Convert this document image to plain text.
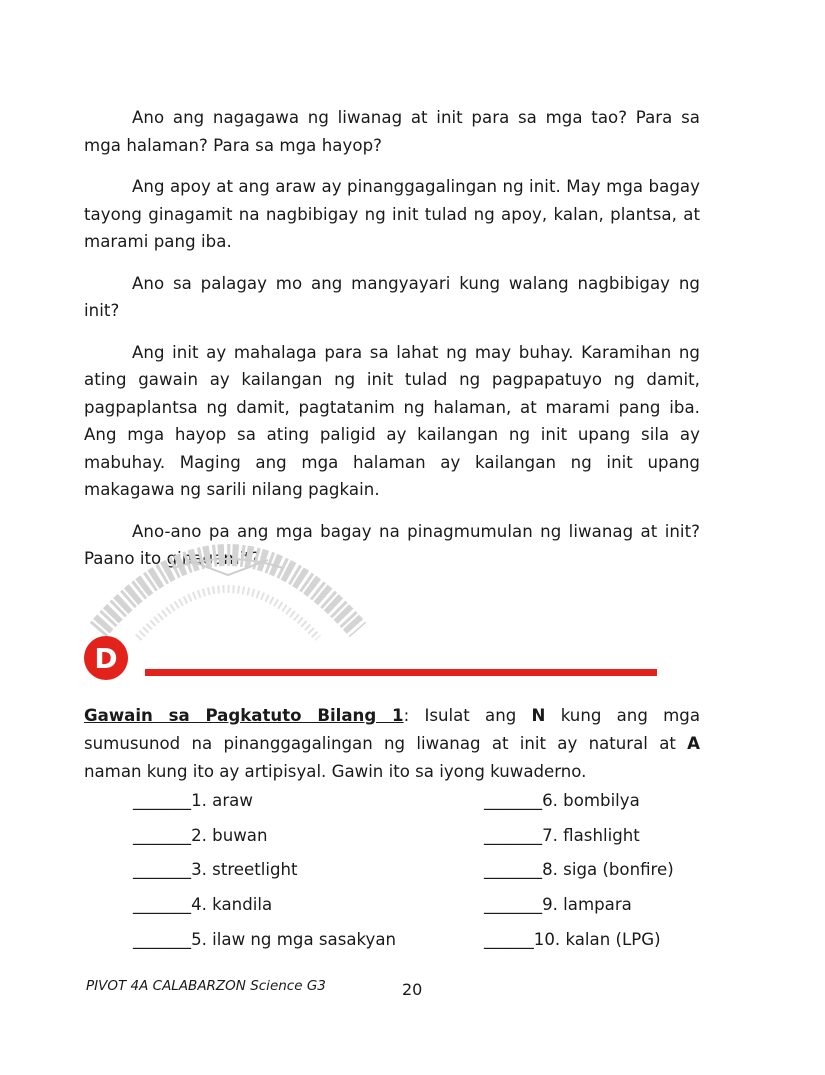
Ano ang nagagawa ng liwanag at init para sa mga tao? Para sa mga halaman? Para sa mga hayop?

Ang apoy at ang araw ay pinanggagalingan ng init. May mga bagay tayong ginagamit na nagbibigay ng init tulad ng apoy, kalan, plantsa, at marami pang iba.

Ano sa palagay mo ang mangyayari kung walang nagbibigay ng init?

Ang init ay mahalaga para sa lahat ng may buhay. Karamihan ng ating gawain ay kailangan ng init tulad ng pagpapatuyo ng damit, pagpaplantsa ng damit, pagtatanim ng halaman, at marami pang iba. Ang mga hayop sa ating paligid ay kailangan ng init upang sila ay mabuhay. Maging ang mga halaman ay kailangan ng init upang makagawa ng sarili nilang pagkain.

Ano-ano pa ang mga bagay na pinagmumulan ng liwanag at init? Paano ito ginagamit?

D

Gawain sa Pagkatuto Bilang 1: Isulat ang N kung ang mga sumusunod na pinanggagalingan ng liwanag at init ay natural at A naman kung ito ay artipisyal. Gawin ito sa iyong kuwaderno.

_______1. araw
_______2. buwan
_______3. streetlight
_______4. kandila
_______5. ilaw ng mga sasakyan
_______6. bombilya
_______7. flashlight
_______8. siga (bonfire)
_______9. lampara
______10. kalan (LPG)
PIVOT 4A CALABARZON Science G3	20
